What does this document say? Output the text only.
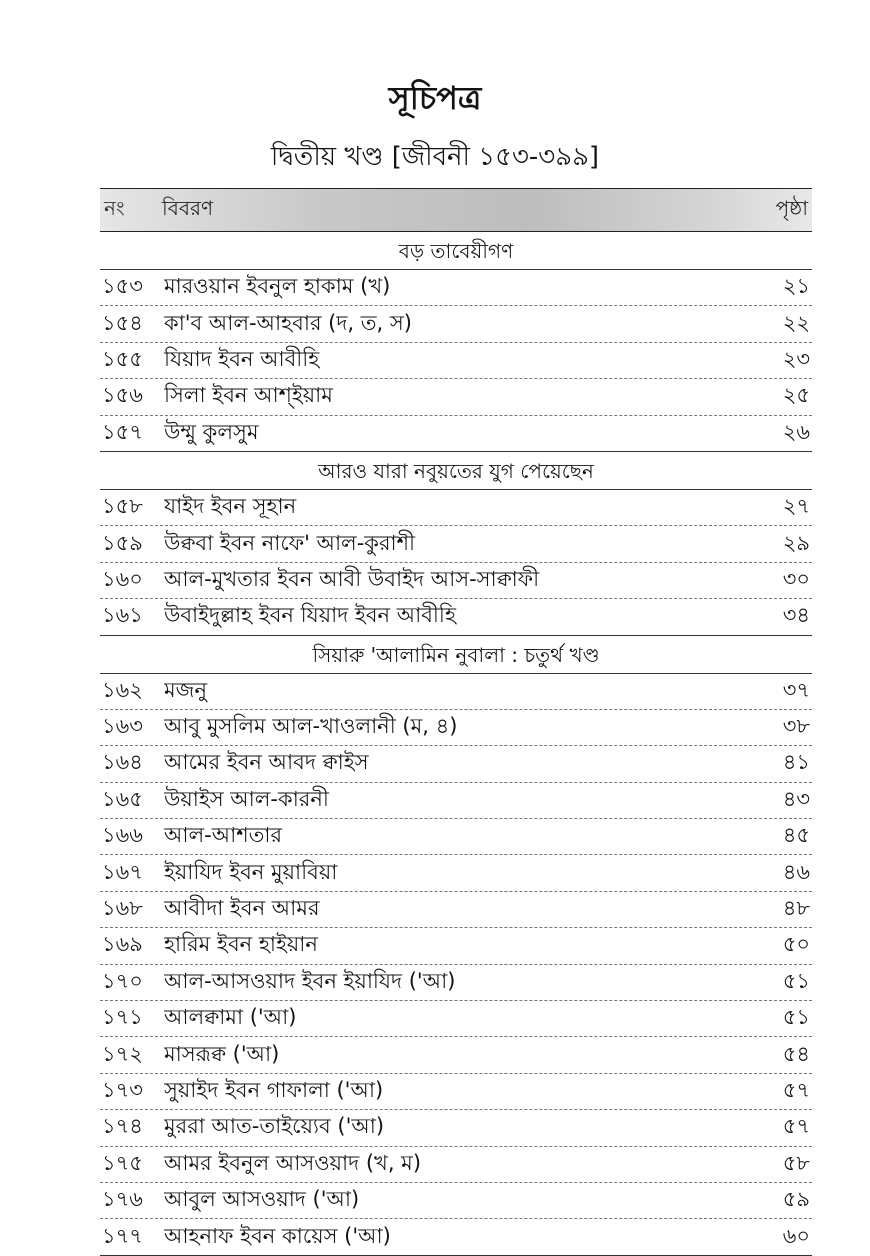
সূচিপত্র
দ্বিতীয় খণ্ড [জীবনী ১৫৩-৩৯৯]
নং	বিবরণ	পৃষ্ঠা
বড় তাবেয়ীগণ
১৫৩	মারওয়ান ইবনুল হাকাম (খ)	২১
১৫৪	কা'ব আল-আহবার (দ, ত, স)	২২
১৫৫	যিয়াদ ইবন আবীহি	২৩
১৫৬	সিলা ইবন আশ্‌ইয়াম	২৫
১৫৭	উম্মু কুলসুম	২৬
আরও যারা নবুয়তের যুগ পেয়েছেন
১৫৮	যাইদ ইবন সূহান	২৭
১৫৯	উক্ববা ইবন নাফে' আল-কুরাশী	২৯
১৬০	আল-মুখতার ইবন আবী উবাইদ আস-সাক্বাফী	৩০
১৬১	উবাইদুল্লাহ ইবন যিয়াদ ইবন আবীহি	৩৪
সিয়ারু 'আলামিন নুবালা : চতুর্থ খণ্ড
১৬২	মজনু	৩৭
১৬৩	আবু মুসলিম আল-খাওলানী (ম, ৪)	৩৮
১৬৪	আমের ইবন আবদ ক্বাইস	৪১
১৬৫	উয়াইস আল-কারনী	৪৩
১৬৬	আল-আশতার	৪৫
১৬৭	ইয়াযিদ ইবন মুয়াবিয়া	৪৬
১৬৮	আবীদা ইবন আমর	৪৮
১৬৯	হারিম ইবন হাইয়ান	৫০
১৭০	আল-আসওয়াদ ইবন ইয়াযিদ ('আ)	৫১
১৭১	আলক্বামা ('আ)	৫১
১৭২	মাসরূক্ব ('আ)	৫৪
১৭৩	সুয়াইদ ইবন গাফালা ('আ)	৫৭
১৭৪	মুররা আত-তাইয়্যেব ('আ)	৫৭
১৭৫	আমর ইবনুল আসওয়াদ (খ, ম)	৫৮
১৭৬	আবুল আসওয়াদ ('আ)	৫৯
১৭৭	আহনাফ ইবন কায়েস ('আ)	৬০
